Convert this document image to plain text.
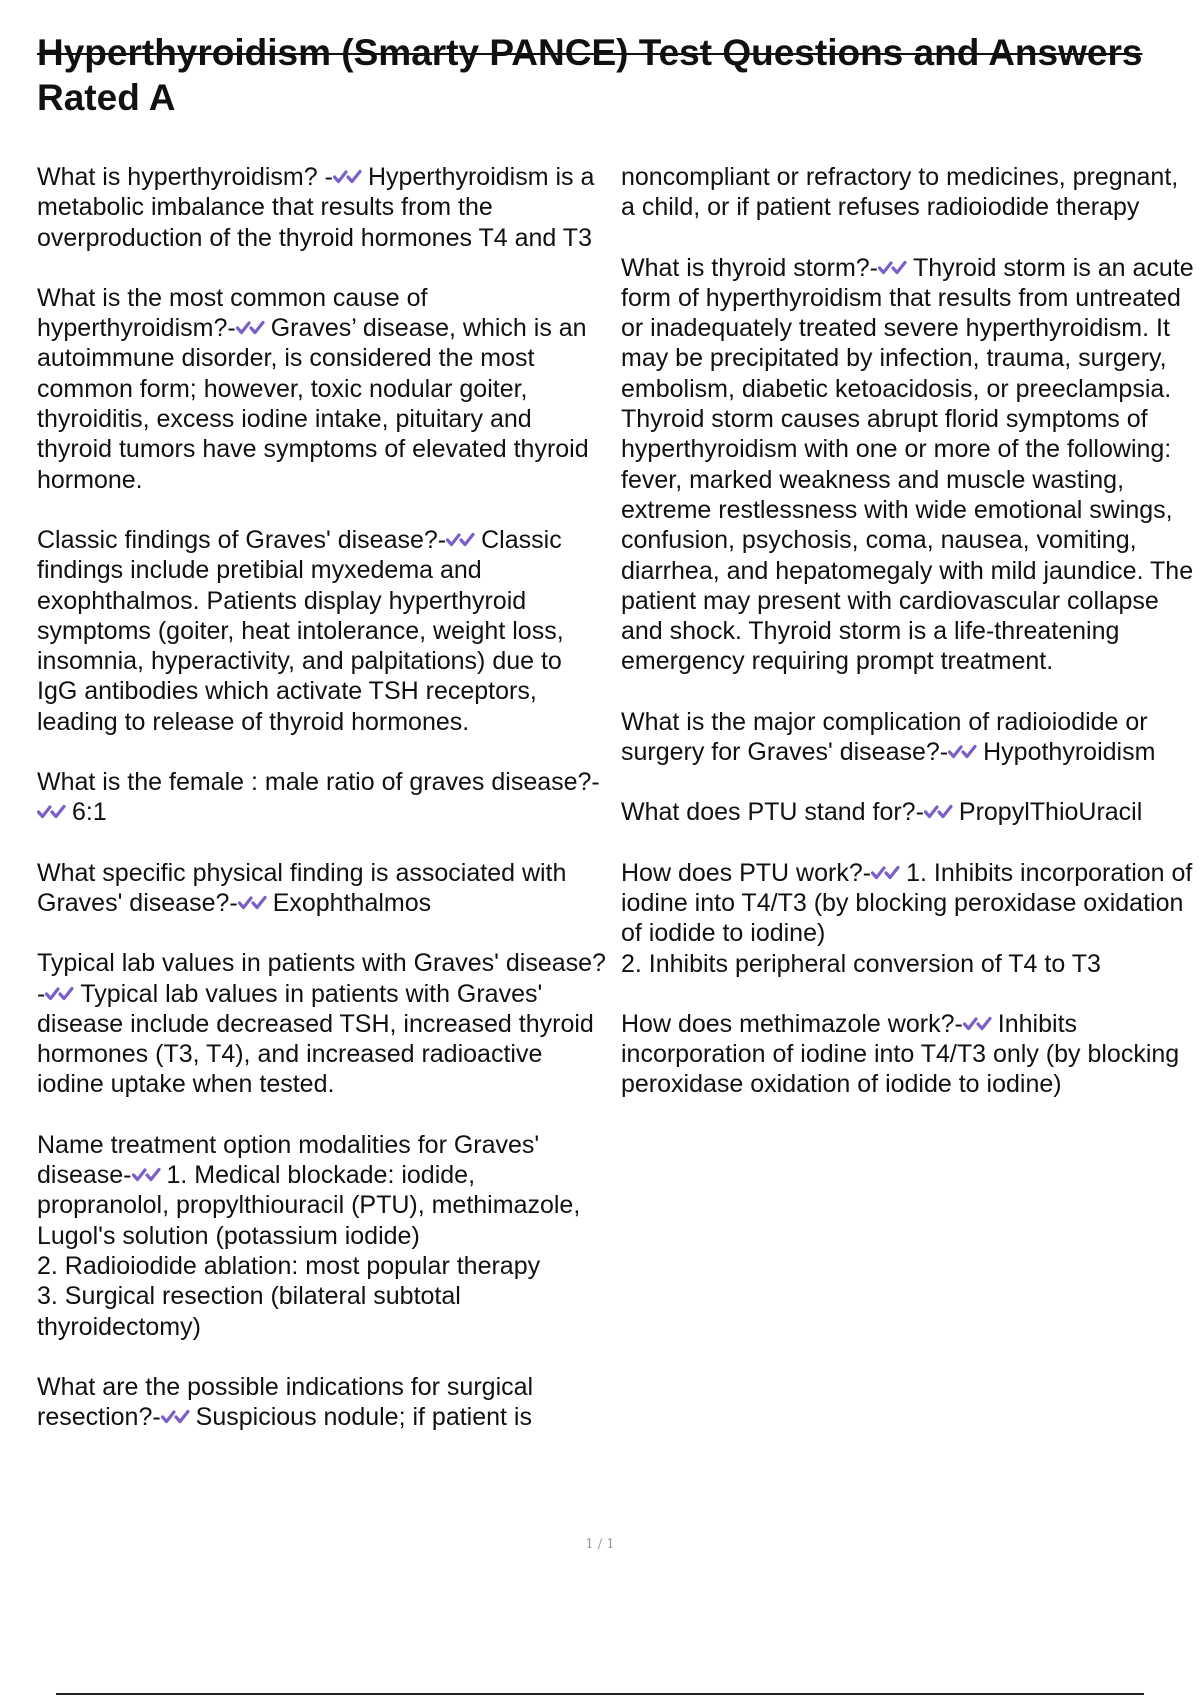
Hyperthyroidism (Smarty PANCE) Test Questions and Answers
Rated A

What is hyperthyroidism? - Hyperthyroidism is a metabolic imbalance that results from the overproduction of the thyroid hormones T4 and T3

What is the most common cause of hyperthyroidism?- Graves’ disease, which is an autoimmune disorder, is considered the most common form; however, toxic nodular goiter, thyroiditis, excess iodine intake, pituitary and thyroid tumors have symptoms of elevated thyroid hormone.

Classic findings of Graves' disease?- Classic findings include pretibial myxedema and exophthalmos. Patients display hyperthyroid symptoms (goiter, heat intolerance, weight loss, insomnia, hyperactivity, and palpitations) due to IgG antibodies which activate TSH receptors, leading to release of thyroid hormones.

What is the female : male ratio of graves disease?-
6:1

What specific physical finding is associated with Graves' disease?- Exophthalmos

Typical lab values in patients with Graves' disease?- Typical lab values in patients with Graves' disease include decreased TSH, increased thyroid hormones (T3, T4), and increased radioactive iodine uptake when tested.

Name treatment option modalities for Graves' disease- 1. Medical blockade: iodide, propranolol, propylthiouracil (PTU), methimazole, Lugol's solution (potassium iodide)
2. Radioiodide ablation: most popular therapy
3. Surgical resection (bilateral subtotal thyroidectomy)

What are the possible indications for surgical resection?- Suspicious nodule; if patient is

noncompliant or refractory to medicines, pregnant, a child, or if patient refuses radioiodide therapy

What is thyroid storm?- Thyroid storm is an acute form of hyperthyroidism that results from untreated or inadequately treated severe hyperthyroidism. It may be precipitated by infection, trauma, surgery, embolism, diabetic ketoacidosis, or preeclampsia. Thyroid storm causes abrupt florid symptoms of hyperthyroidism with one or more of the following: fever, marked weakness and muscle wasting, extreme restlessness with wide emotional swings, confusion, psychosis, coma, nausea, vomiting, diarrhea, and hepatomegaly with mild jaundice. The patient may present with cardiovascular collapse and shock. Thyroid storm is a life-threatening emergency requiring prompt treatment.

What is the major complication of radioiodide or surgery for Graves' disease?- Hypothyroidism

What does PTU stand for?- PropylThioUracil

How does PTU work?- 1. Inhibits incorporation of iodine into T4/T3 (by blocking peroxidase oxidation of iodide to iodine)
2. Inhibits peripheral conversion of T4 to T3

How does methimazole work?- Inhibits incorporation of iodine into T4/T3 only (by blocking peroxidase oxidation of iodide to iodine)

1 / 1
